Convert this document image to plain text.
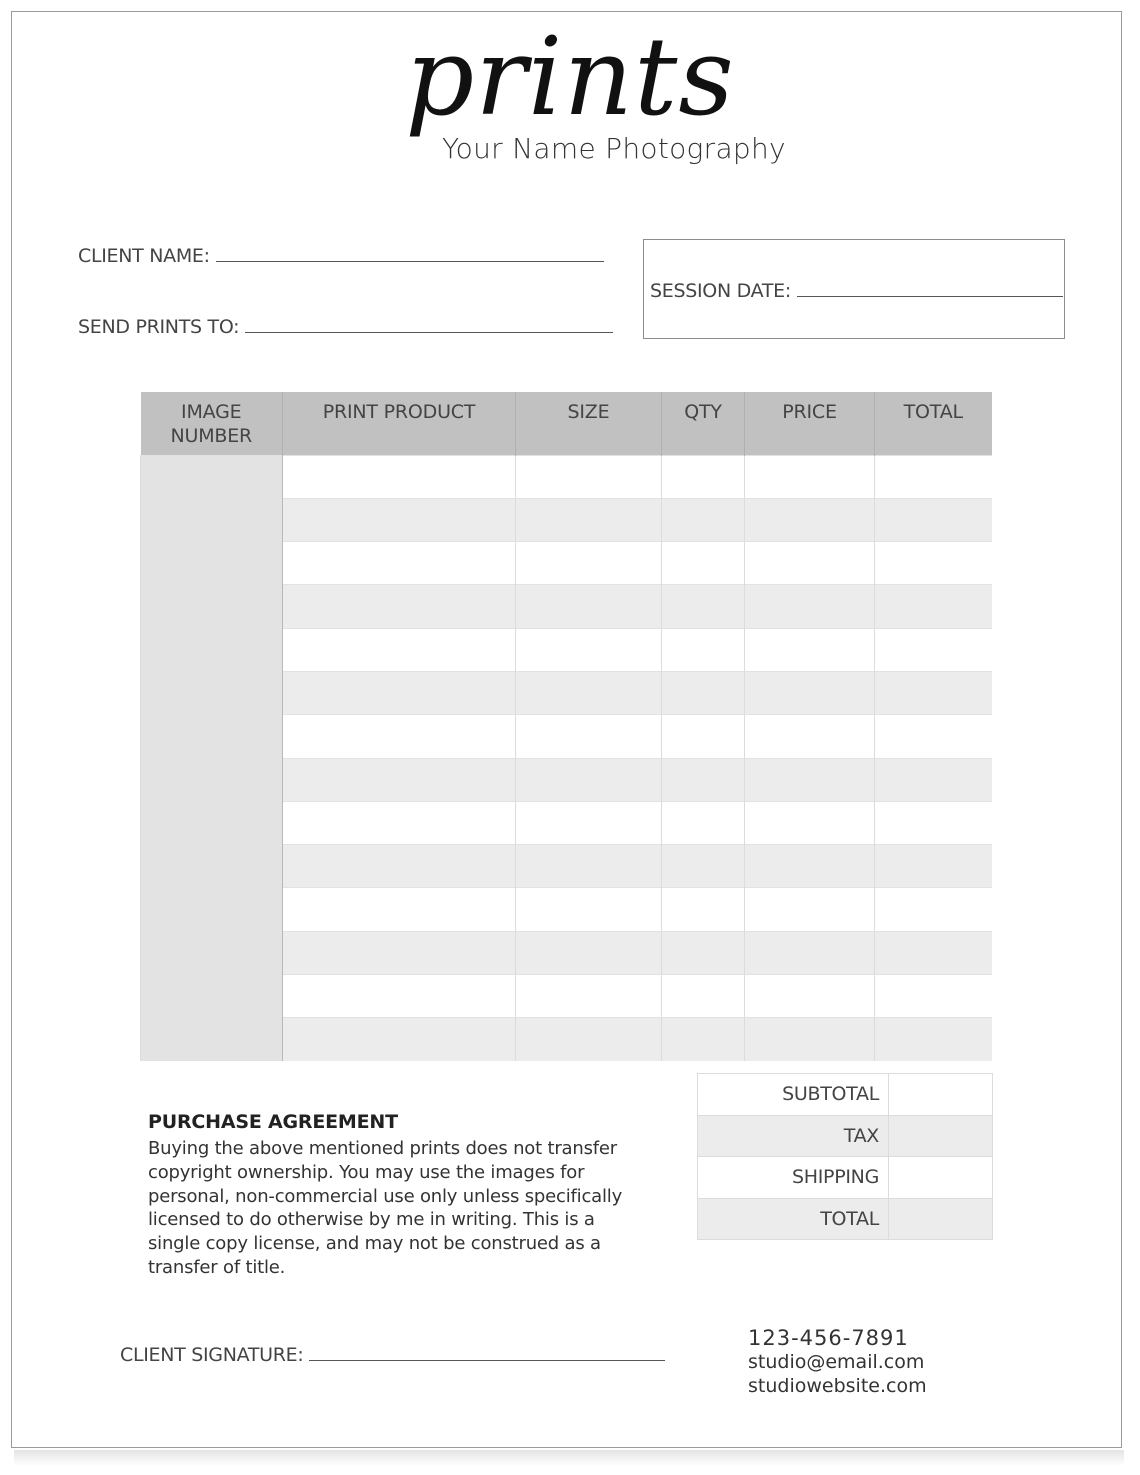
prints
Your Name Photography
CLIENT NAME:
SEND PRINTS TO:
SESSION DATE:
IMAGE
NUMBER	PRINT PRODUCT	SIZE	QTY	PRICE	TOTAL

SUBTOTAL	
TAX	
SHIPPING	
TOTAL	
PURCHASE AGREEMENT
Buying the above mentioned prints does not transfer copyright ownership. You may use the images for personal, non-commercial use only unless specifically licensed to do otherwise by me in writing. This is a single copy license, and may not be construed as a transfer of title.
CLIENT SIGNATURE:
123-456-7891
studio@email.com
studiowebsite.com
